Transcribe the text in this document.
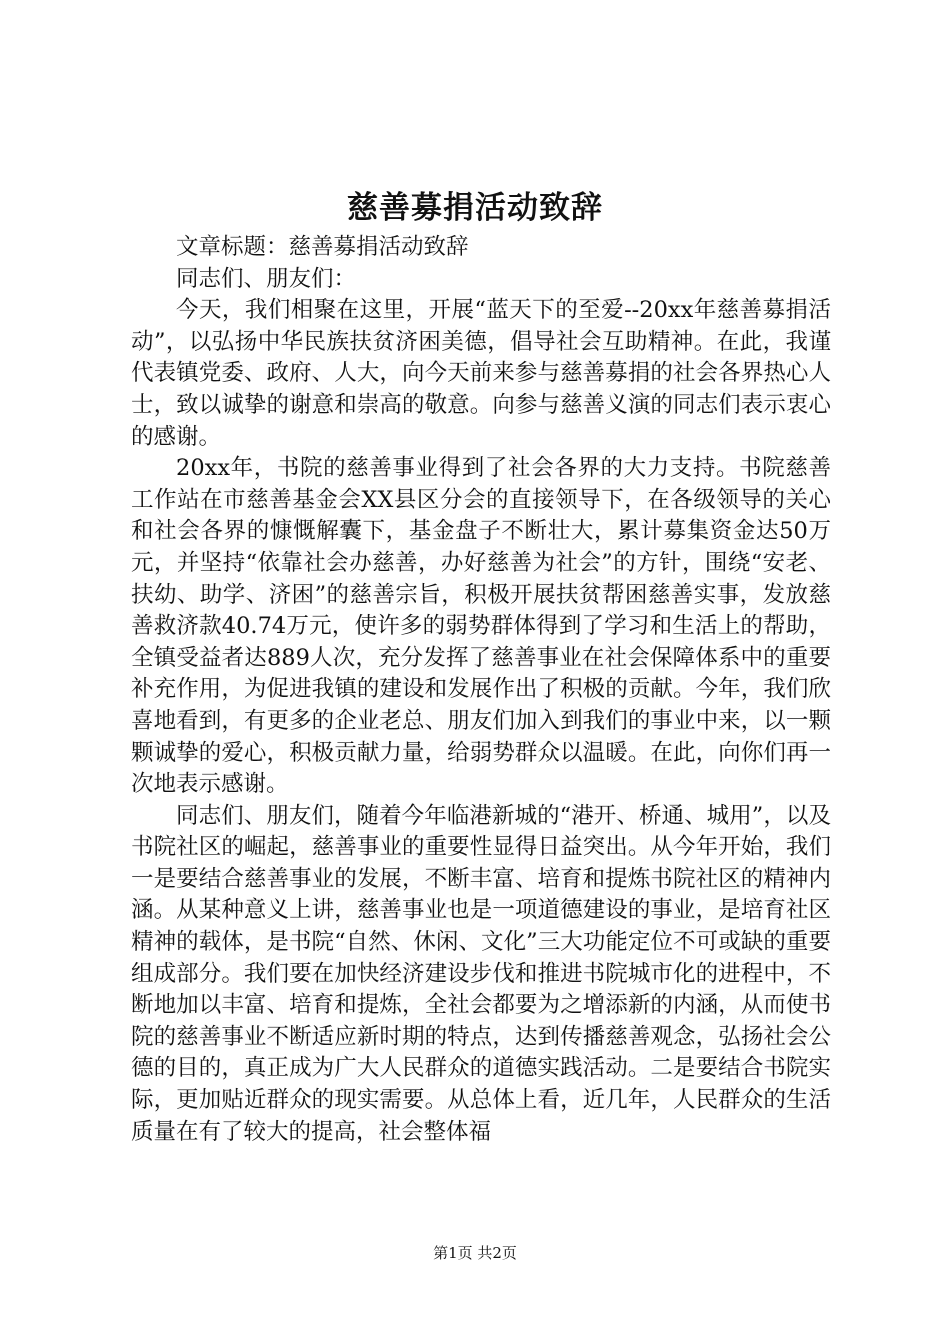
慈善募捐活动致辞

文章标题：慈善募捐活动致辞

同志们、朋友们：

今天，我们相聚在这里，开展“蓝天下的至爱--20xx年慈善募捐活动”，以弘扬中华民族扶贫济困美德，倡导社会互助精神。在此，我谨代表镇党委、政府、人大，向今天前来参与慈善募捐的社会各界热心人士，致以诚挚的谢意和崇高的敬意。向参与慈善义演的同志们表示衷心的感谢。

20xx年，书院的慈善事业得到了社会各界的大力支持。书院慈善工作站在市慈善基金会XX县区分会的直接领导下，在各级领导的关心和社会各界的慷慨解囊下，基金盘子不断壮大，累计募集资金达50万元，并坚持“依靠社会办慈善，办好慈善为社会”的方针，围绕“安老、扶幼、助学、济困”的慈善宗旨，积极开展扶贫帮困慈善实事，发放慈善救济款40.74万元，使许多的弱势群体得到了学习和生活上的帮助，全镇受益者达889人次，充分发挥了慈善事业在社会保障体系中的重要补充作用，为促进我镇的建设和发展作出了积极的贡献。今年，我们欣喜地看到，有更多的企业老总、朋友们加入到我们的事业中来，以一颗颗诚挚的爱心，积极贡献力量，给弱势群众以温暖。在此，向你们再一次地表示感谢。

同志们、朋友们，随着今年临港新城的“港开、桥通、城用”，以及书院社区的崛起，慈善事业的重要性显得日益突出。从今年开始，我们一是要结合慈善事业的发展，不断丰富、培育和提炼书院社区的精神内涵。从某种意义上讲，慈善事业也是一项道德建设的事业，是培育社区精神的载体，是书院“自然、休闲、文化”三大功能定位不可或缺的重要组成部分。我们要在加快经济建设步伐和推进书院城市化的进程中，不断地加以丰富、培育和提炼，全社会都要为之增添新的内涵，从而使书院的慈善事业不断适应新时期的特点，达到传播慈善观念，弘扬社会公德的目的，真正成为广大人民群众的道德实践活动。二是要结合书院实际，更加贴近群众的现实需要。从总体上看，近几年，人民群众的生活质量在有了较大的提高，社会整体福

第1页 共2页
